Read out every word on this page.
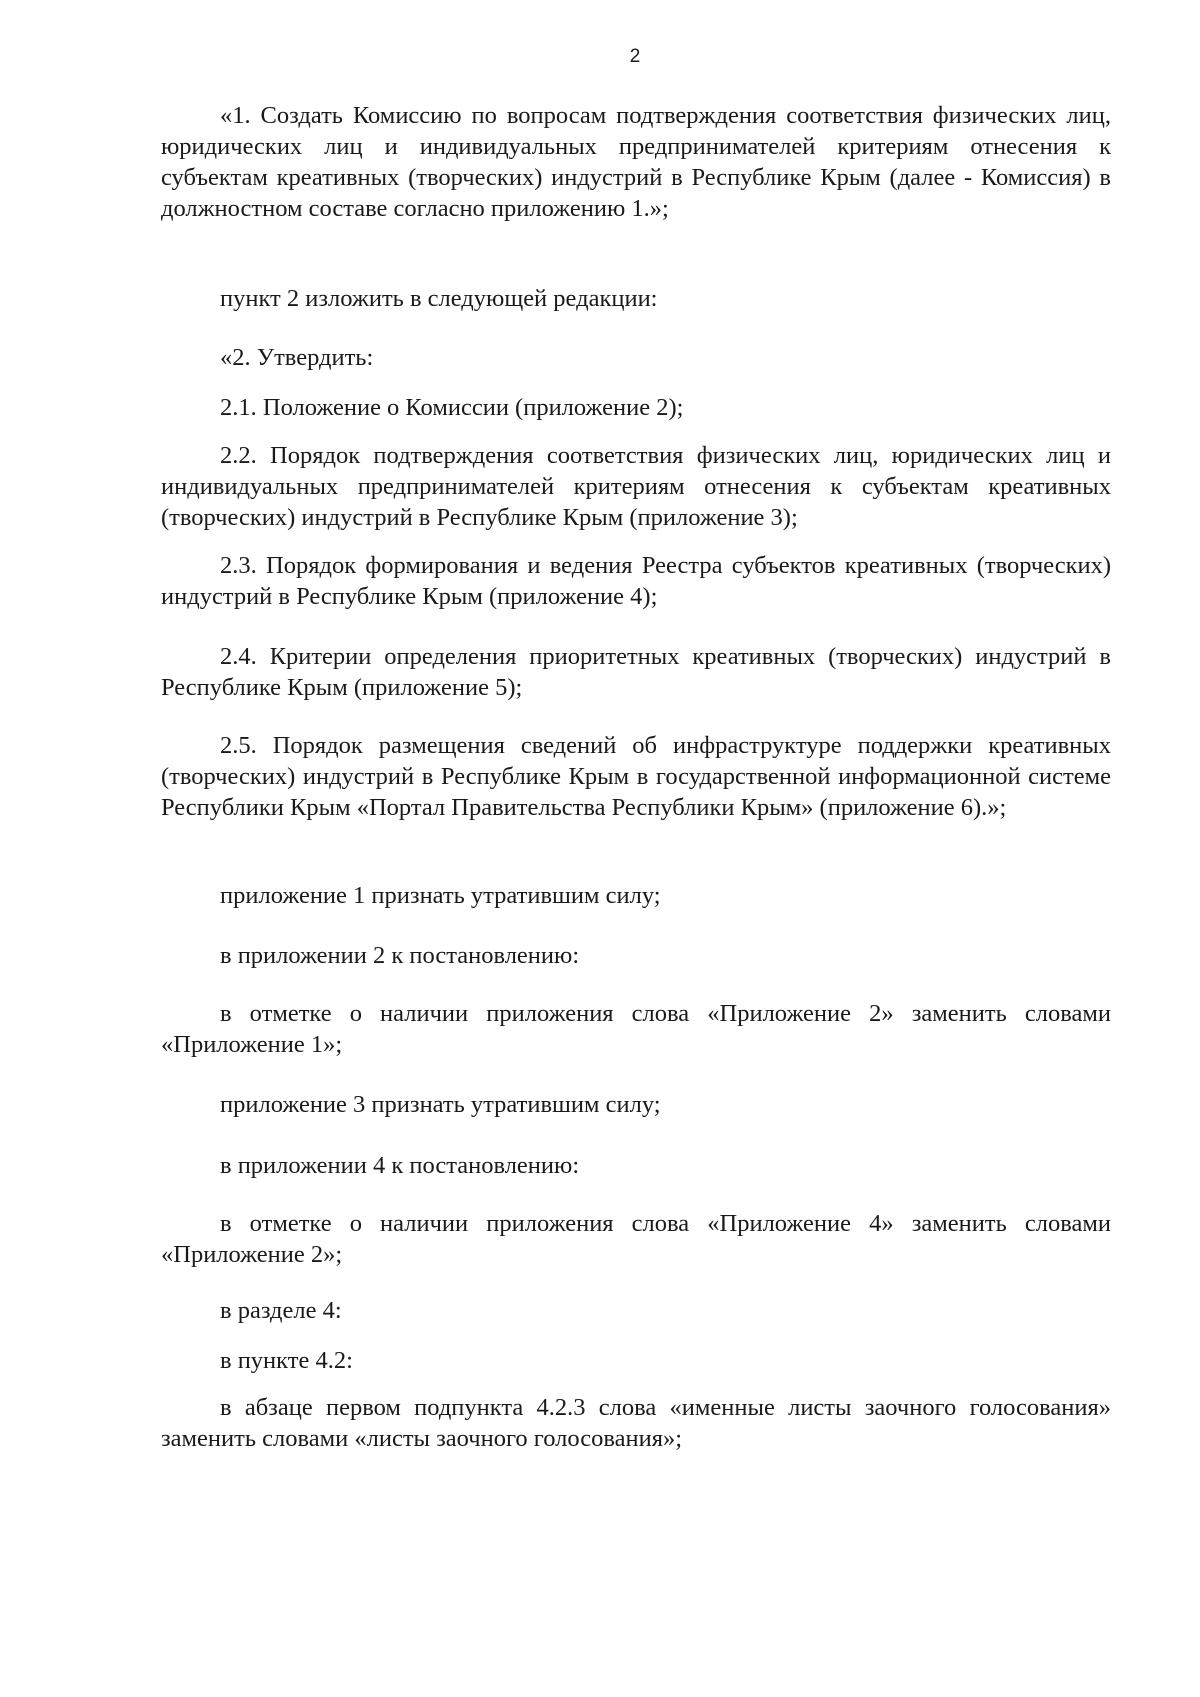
2

«1. Создать Комиссию по вопросам подтверждения соответствия физических лиц, юридических лиц и индивидуальных предпринимателей критериям отнесения к субъектам креативных (творческих) индустрий в Республике Крым (далее - Комиссия) в должностном составе согласно приложению 1.»;

пункт 2 изложить в следующей редакции:

«2. Утвердить:

2.1. Положение о Комиссии (приложение 2);

2.2. Порядок подтверждения соответствия физических лиц, юридических лиц и индивидуальных предпринимателей критериям отнесения к субъектам креативных (творческих) индустрий в Республике Крым (приложение 3);

2.3. Порядок формирования и ведения Реестра субъектов креативных (творческих) индустрий в Республике Крым (приложение 4);

2.4. Критерии определения приоритетных креативных (творческих) индустрий в Республике Крым (приложение 5);

2.5. Порядок размещения сведений об инфраструктуре поддержки креативных (творческих) индустрий в Республике Крым в государственной информационной системе Республики Крым «Портал Правительства Республики Крым» (приложение 6).»;

приложение 1 признать утратившим силу;

в приложении 2 к постановлению:

в отметке о наличии приложения слова «Приложение 2» заменить словами «Приложение 1»;

приложение 3 признать утратившим силу;

в приложении 4 к постановлению:

в отметке о наличии приложения слова «Приложение 4» заменить словами «Приложение 2»;

в разделе 4:

в пункте 4.2:

в абзаце первом подпункта 4.2.3 слова «именные листы заочного голосования» заменить словами «листы заочного голосования»;
